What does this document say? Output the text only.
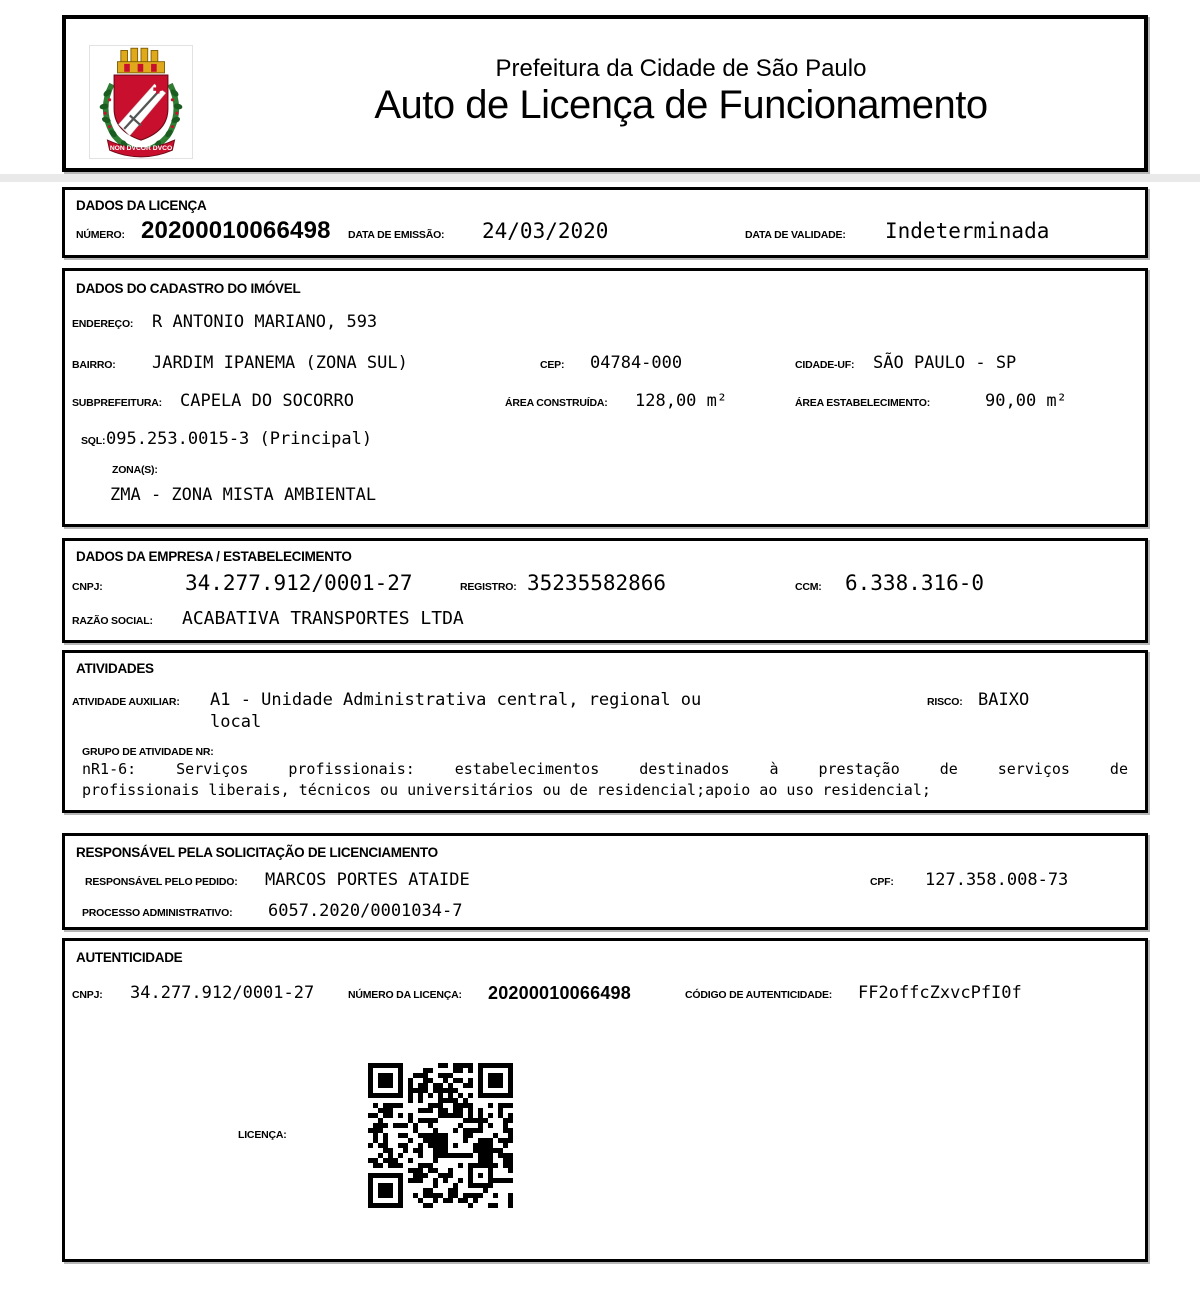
NON DVCOR DVCO
Prefeitura da Cidade de São Paulo
Auto de Licença de Funcionamento
DADOS DA LICENÇA
NÚMERO: 20200010066498 DATA DE EMISSÃO: 24/03/2020	DATA DE VALIDADE: Indeterminada
DADOS DO CADASTRO DO IMÓVEL
ENDEREÇO: R ANTONIO MARIANO, 593
BAIRRO: JARDIM IPANEMA (ZONA SUL)	CEP: 04784-000	CIDADE-UF: SÃO PAULO - SP
SUBPREFEITURA: CAPELA DO SOCORRO	ÁREA CONSTRUÍDA: 128,00 m²	ÁREA ESTABELECIMENTO:	90,00 m²
SQL: 095.253.0015-3 (Principal)
ZONA(S):
ZMA - ZONA MISTA AMBIENTAL
DADOS DA EMPRESA / ESTABELECIMENTO
CNPJ:	34.277.912/0001-27	REGISTRO: 35235582866	CCM: 6.338.316-0
RAZÃO SOCIAL: ACABATIVA TRANSPORTES LTDA
ATIVIDADES
ATIVIDADE AUXILIAR: A1 - Unidade Administrativa central, regional ou local
RISCO: BAIXO
GRUPO DE ATIVIDADE NR:
nR1-6: Serviços profissionais: estabelecimentos destinados à prestação de serviços de
profissionais liberais, técnicos ou universitários ou de residencial;apoio ao uso residencial;
RESPONSÁVEL PELA SOLICITAÇÃO DE LICENCIAMENTO
RESPONSÁVEL PELO PEDIDO: MARCOS PORTES ATAIDE	CPF: 127.358.008-73
PROCESSO ADMINISTRATIVO: 6057.2020/0001034-7
AUTENTICIDADE
CNPJ: 34.277.912/0001-27	NÚMERO DA LICENÇA: 20200010066498	CÓDIGO DE AUTENTICIDADE: FF2offcZxvcPfI0f
LICENÇA:
